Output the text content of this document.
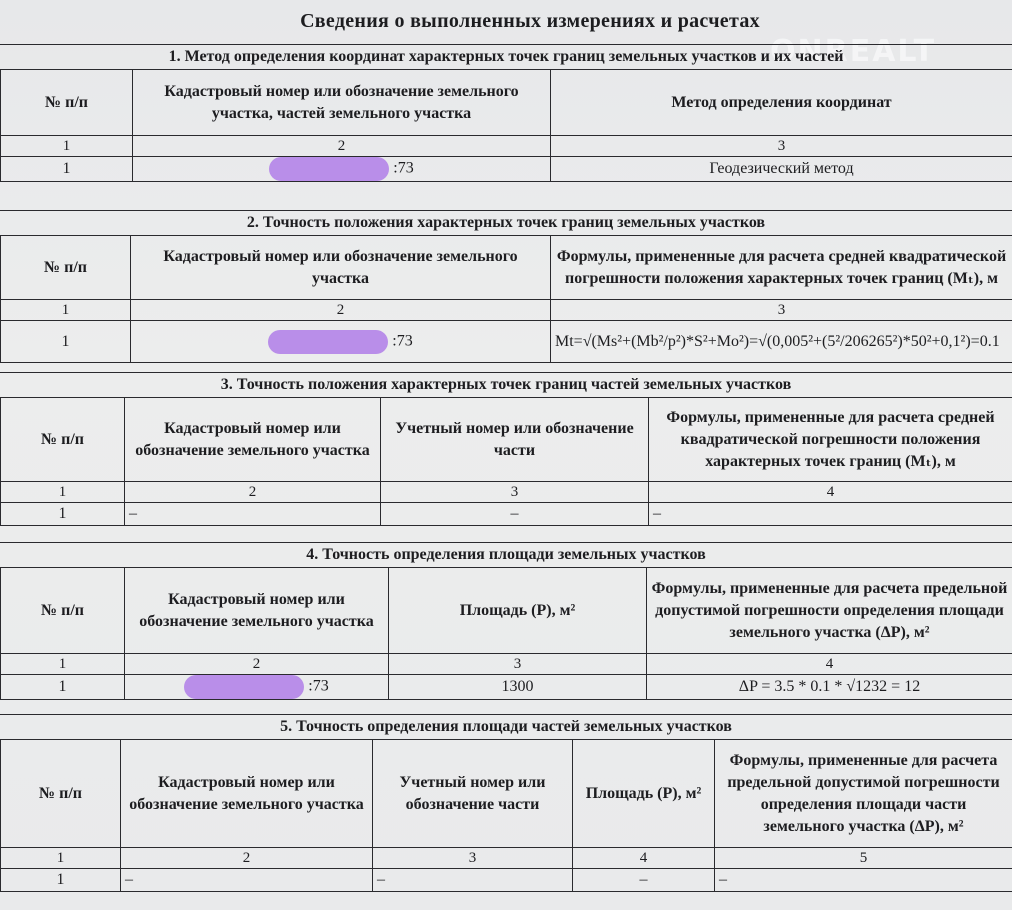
Сведения о выполненных измерениях и расчетах
ONREALT
1. Метод определения координат характерных точек границ земельных участков и их частей
№ п/п	Кадастровый номер или обозначение земельного участка, частей земельного участка	Метод определения координат
1	2	3
1	:73	Геодезический метод
2. Точность положения характерных точек границ земельных участков
№ п/п	Кадастровый номер или обозначение земельного участка	Формулы, примененные для расчета средней квадратической погрешности положения характерных точек границ (Mₜ), м
1	2	3
1	:73	Mt=√(Ms²+(Mb²/p²)*S²+Mo²)=√(0,005²+(5²/206265²)*50²+0,1²)=0.1
3. Точность положения характерных точек границ частей земельных участков
№ п/п	Кадастровый номер или обозначение земельного участка	Учетный номер или обозначение части	Формулы, примененные для расчета средней квадратической погрешности положения характерных точек границ (Mₜ), м
1	2	3	4
1	–	–	–
4. Точность определения площади земельных участков
№ п/п	Кадастровый номер или обозначение земельного участка	Площадь (P), м²	Формулы, примененные для расчета предельной допустимой погрешности определения площади земельного участка (ΔP), м²
1	2	3	4
1	:73	1300	ΔP = 3.5 * 0.1 * √1232 = 12
5. Точность определения площади частей земельных участков
№ п/п	Кадастровый номер или обозначение земельного участка	Учетный номер или обозначение части	Площадь (P), м²	Формулы, примененные для расчета предельной допустимой погрешности определения площади части земельного участка (ΔP), м²
1	2	3	4	5
1	–	–	–	–
